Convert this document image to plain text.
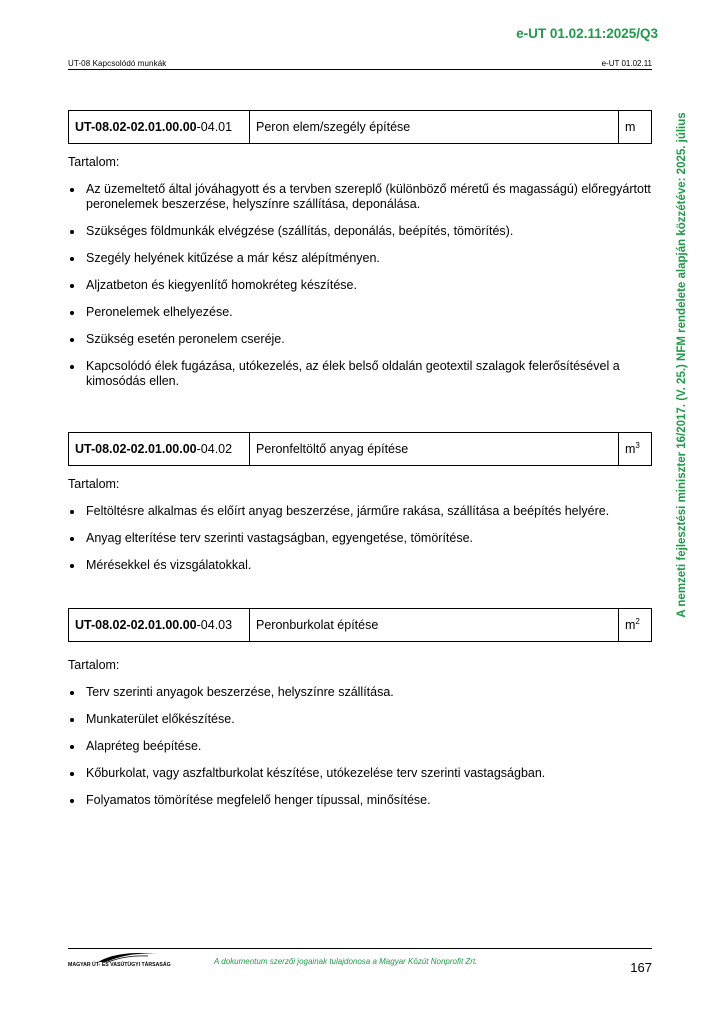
e-UT 01.02.11:2025/Q3
UT-08 Kapcsolódó munkák	e-UT 01.02.11
A nemzeti fejlesztési miniszter 16/2017. (V. 25.) NFM rendelete alapján közzétéve: 2025. július
UT-08.02-02.01.00.00-04.01	Peron elem/szegély építése	m
Tartalom:
Az üzemeltető által jóváhagyott és a tervben szereplő (különböző méretű és magasságú) előregyártott peronelemek beszerzése, helyszínre szállítása, deponálása.
Szükséges földmunkák elvégzése (szállítás, deponálás, beépítés, tömörítés).
Szegély helyének kitűzése a már kész alépítményen.
Aljzatbeton és kiegyenlítő homokréteg készítése.
Peronelemek elhelyezése.
Szükség esetén peronelem cseréje.
Kapcsolódó élek fugázása, utókezelés, az élek belső oldalán geotextil szalagok felerősítésével a kimosódás ellen.
UT-08.02-02.01.00.00-04.02	Peronfeltöltő anyag építése	$m^3$
Tartalom:
Feltöltésre alkalmas és előírt anyag beszerzése, járműre rakása, szállítása a beépítés helyére.
Anyag elterítése terv szerinti vastagságban, egyengetése, tömörítése.
Mérésekkel és vizsgálatokkal.
UT-08.02-02.01.00.00-04.03	Peronburkolat építése	$m^2$
Tartalom:
Terv szerinti anyagok beszerzése, helyszínre szállítása.
Munkaterület előkészítése.
Alapréteg beépítése.
Kőburkolat, vagy aszfaltburkolat készítése, utókezelése terv szerinti vastagságban.
Folyamatos tömörítése megfelelő henger típussal, minősítése.
MAGYAR ÚT- ÉS VASÚTÜGYI TÁRSASÁG	A dokumentum szerzői jogainak tulajdonosa a Magyar Közút Nonprofit Zrt.	167
